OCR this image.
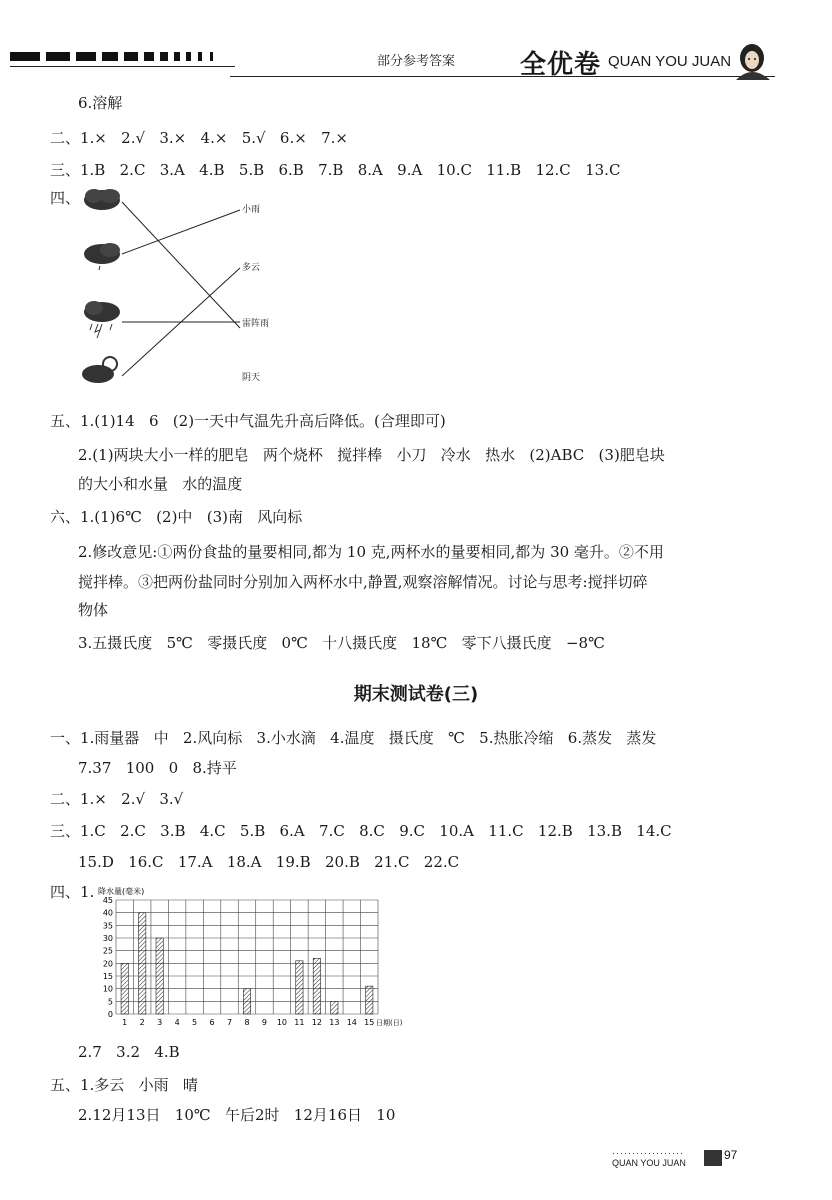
部分参考答案	全优卷 QUAN YOU JUAN
6.溶解
二、1.×   2.√   3.×   4.×   5.√   6.×   7.×
三、1.B   2.C   3.A   4.B   5.B   6.B   7.B   8.A   9.A   10.C   11.B   12.C   13.C
四、
小雨
多云
雷阵雨
阴天
五、1.(1)14   6   (2)一天中气温先升高后降低。(合理即可)
2.(1)两块大小一样的肥皂   两个烧杯   搅拌棒   小刀   冷水   热水   (2)ABC   (3)肥皂块
的大小和水量   水的温度
六、1.(1)6℃   (2)中   (3)南   风向标
2.修改意见:①两份食盐的量要相同,都为 10 克,两杯水的量要相同,都为 30 毫升。②不用
搅拌棒。③把两份盐同时分别加入两杯水中,静置,观察溶解情况。讨论与思考:搅拌切碎
物体
3.五摄氏度   5℃   零摄氏度   0℃   十八摄氏度   18℃   零下八摄氏度   −8℃
期末测试卷(三)
一、1.雨量器   中   2.风向标   3.小水滴   4.温度   摄氏度   ℃   5.热胀冷缩   6.蒸发   蒸发
7.37   100   0   8.持平
二、1.×   2.√   3.√
三、1.C   2.C   3.B   4.C   5.B   6.A   7.C   8.C   9.C   10.A   11.C   12.B   13.B   14.C
15.D   16.C   17.A   18.A   19.B   20.B   21.C   22.C
四、1.
0
5
10
15
20
25
30
35
40
45
1 2 3 4 5 6 7 8 9 10 11 12 13 14 15 日期(日)
降水量(毫米)
2.7   3.2   4.B
五、1.多云   小雨   晴
2.12月13日   10℃   午后2时   12月16日   10
··················
QUAN YOU JUAN
97
